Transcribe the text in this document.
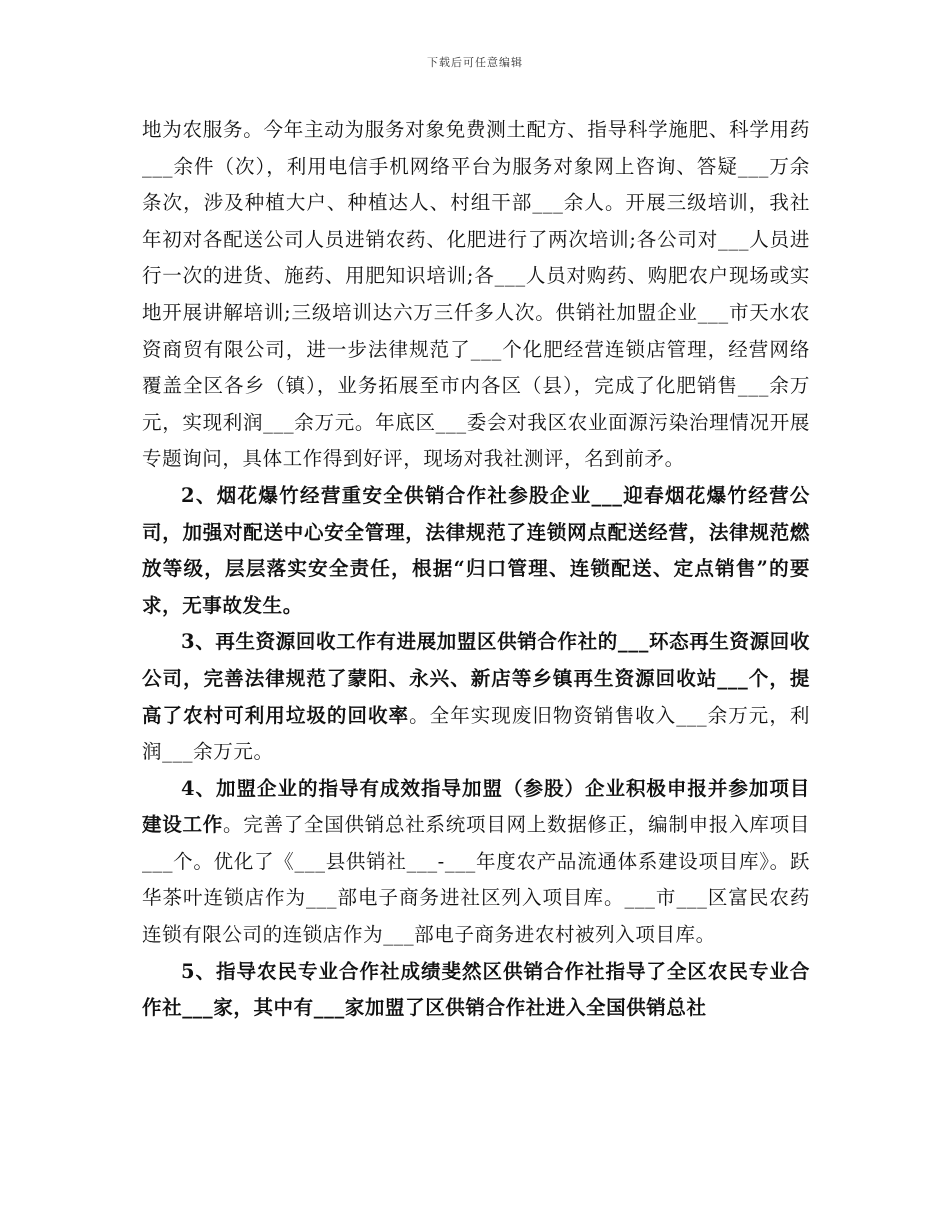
下载后可任意编辑

地为农服务。今年主动为服务对象免费测土配方、指导科学施肥、科学用药___余件（次），利用电信手机网络平台为服务对象网上咨询、答疑___万余条次，涉及种植大户、种植达人、村组干部___余人。开展三级培训，我社年初对各配送公司人员进销农药、化肥进行了两次培训;各公司对___人员进行一次的进货、施药、用肥知识培训;各___人员对购药、购肥农户现场或实地开展讲解培训;三级培训达六万三仟多人次。供销社加盟企业___市天水农资商贸有限公司，进一步法律规范了___个化肥经营连锁店管理，经营网络覆盖全区各乡（镇），业务拓展至市内各区（县），完成了化肥销售___余万元，实现利润___余万元。年底区___委会对我区农业面源污染治理情况开展专题询问，具体工作得到好评，现场对我社测评，名到前矛。

2、烟花爆竹经营重安全供销合作社参股企业___迎春烟花爆竹经营公司，加强对配送中心安全管理，法律规范了连锁网点配送经营，法律规范燃放等级，层层落实安全责任，根据“归口管理、连锁配送、定点销售”的要求，无事故发生。

3、再生资源回收工作有进展加盟区供销合作社的___环态再生资源回收公司，完善法律规范了蒙阳、永兴、新店等乡镇再生资源回收站___个，提高了农村可利用垃圾的回收率。全年实现废旧物资销售收入___余万元，利润___余万元。

4、加盟企业的指导有成效指导加盟（参股）企业积极申报并参加项目建设工作。完善了全国供销总社系统项目网上数据修正，编制申报入库项目___个。优化了《___县供销社___-___年度农产品流通体系建设项目库》。跃华茶叶连锁店作为___部电子商务进社区列入项目库。___市___区富民农药连锁有限公司的连锁店作为___部电子商务进农村被列入项目库。

5、指导农民专业合作社成绩斐然区供销合作社指导了全区农民专业合作社___家，其中有___家加盟了区供销合作社进入全国供销总社
